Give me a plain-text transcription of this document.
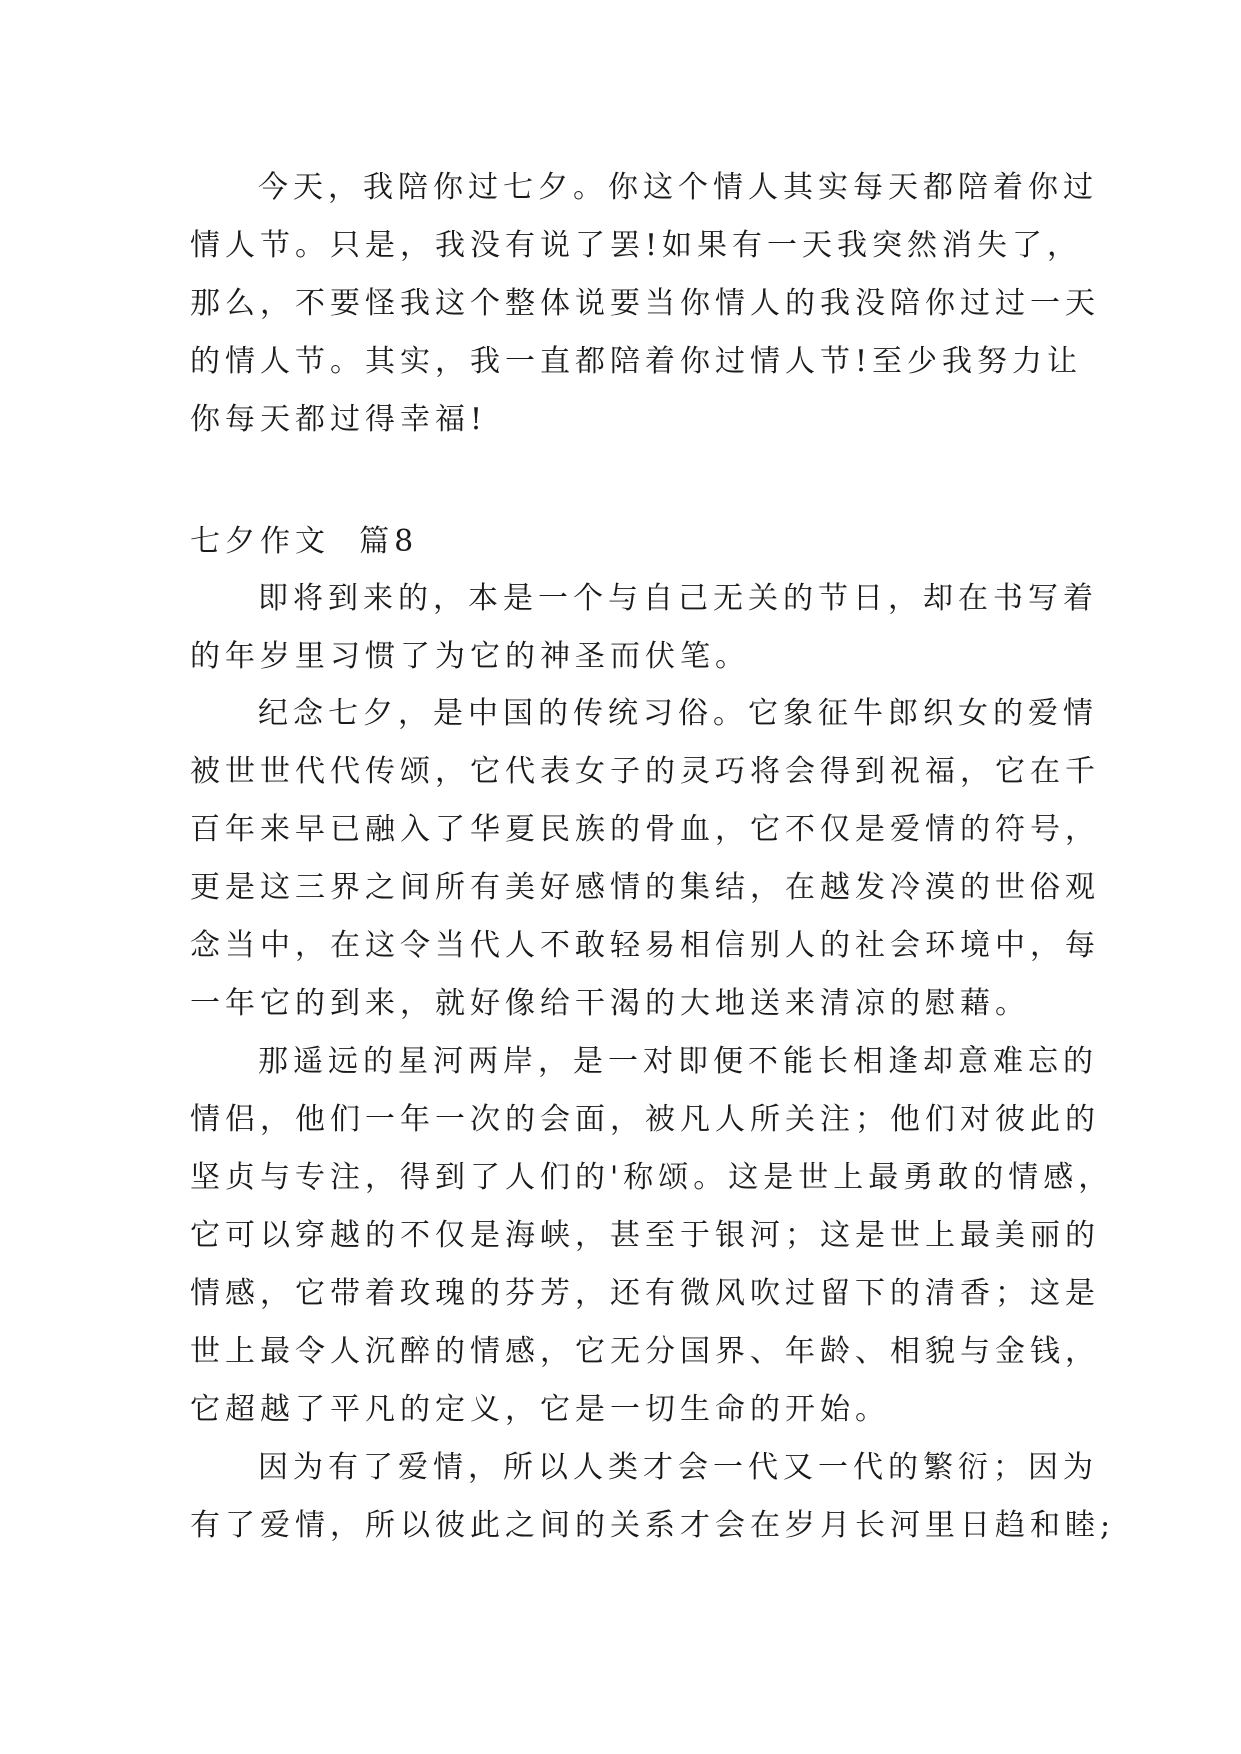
今天，我陪你过七夕。你这个情人其实每天都陪着你过
情人节。只是，我没有说了罢!如果有一天我突然消失了，
那么，不要怪我这个整体说要当你情人的我没陪你过过一天
的情人节。其实，我一直都陪着你过情人节!至少我努力让
你每天都过得幸福!
七夕作文  篇8
即将到来的，本是一个与自己无关的节日，却在书写着
的年岁里习惯了为它的神圣而伏笔。
纪念七夕，是中国的传统习俗。它象征牛郎织女的爱情
被世世代代传颂，它代表女子的灵巧将会得到祝福，它在千
百年来早已融入了华夏民族的骨血，它不仅是爱情的符号，
更是这三界之间所有美好感情的集结，在越发冷漠的世俗观
念当中，在这令当代人不敢轻易相信别人的社会环境中，每
一年它的到来，就好像给干渴的大地送来清凉的慰藉。
那遥远的星河两岸，是一对即便不能长相逢却意难忘的
情侣，他们一年一次的会面，被凡人所关注；他们对彼此的
坚贞与专注，得到了人们的'称颂。这是世上最勇敢的情感，
它可以穿越的不仅是海峡，甚至于银河；这是世上最美丽的
情感，它带着玫瑰的芬芳，还有微风吹过留下的清香；这是
世上最令人沉醉的情感，它无分国界、年龄、相貌与金钱，
它超越了平凡的定义，它是一切生命的开始。
因为有了爱情，所以人类才会一代又一代的繁衍；因为
有了爱情，所以彼此之间的关系才会在岁月长河里日趋和睦;
